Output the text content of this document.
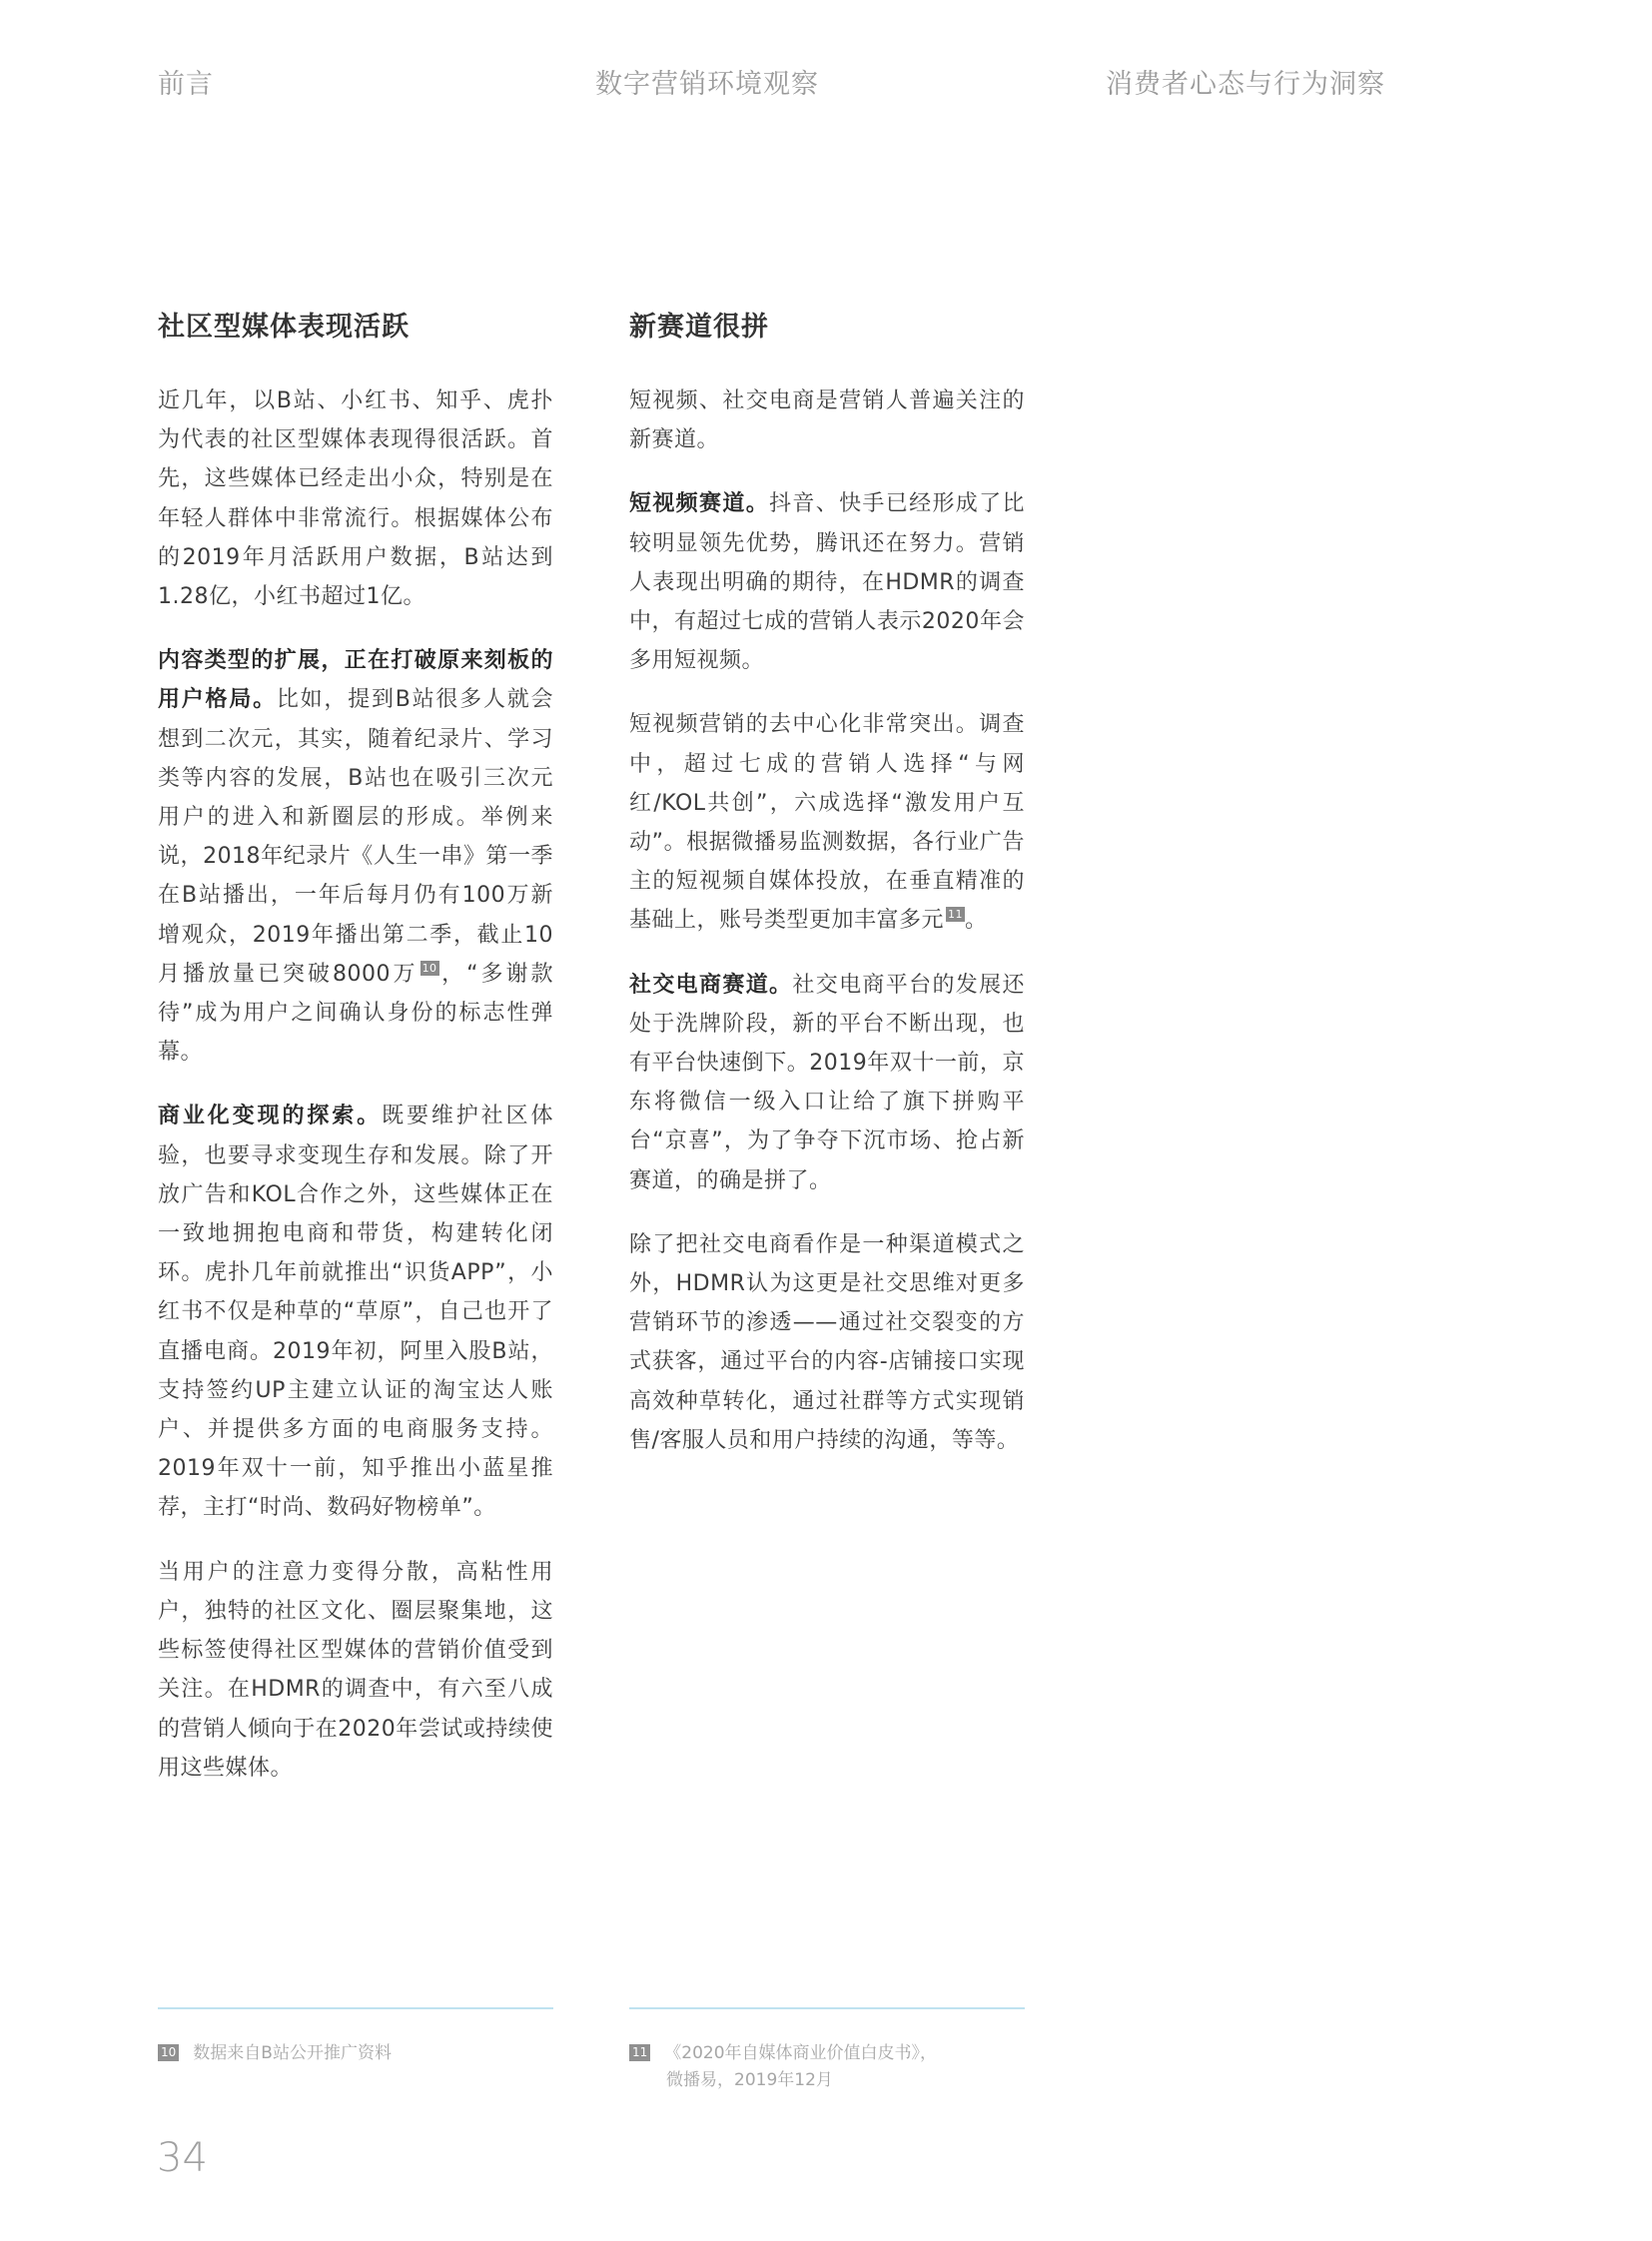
前言	数字营销环境观察	消费者心态与行为洞察
社区型媒体表现活跃

近几年，以B站、小红书、知乎、虎扑为代表的社区型媒体表现得很活跃。首先，这些媒体已经走出小众，特别是在年轻人群体中非常流行。根据媒体公布的2019年月活跃用户数据，B站达到1.28亿，小红书超过1亿。

内容类型的扩展，正在打破原来刻板的用户格局。比如，提到B站很多人就会想到二次元，其实，随着纪录片、学习类等内容的发展，B站也在吸引三次元用户的进入和新圈层的形成。举例来说，2018年纪录片《人生一串》第一季在B站播出，一年后每月仍有100万新增观众，2019年播出第二季，截止10月播放量已突破8000万 10，“多谢款待”成为用户之间确认身份的标志性弹幕。

商业化变现的探索。既要维护社区体验，也要寻求变现生存和发展。除了开放广告和KOL合作之外，这些媒体正在一致地拥抱电商和带货，构建转化闭环。虎扑几年前就推出“识货APP”，小红书不仅是种草的“草原”，自己也开了直播电商。2019年初，阿里入股B站，支持签约UP主建立认证的淘宝达人账户、并提供多方面的电商服务支持。2019年双十一前，知乎推出小蓝星推荐，主打“时尚、数码好物榜单”。

当用户的注意力变得分散，高粘性用户，独特的社区文化、圈层聚集地，这些标签使得社区型媒体的营销价值受到关注。在HDMR的调查中，有六至八成的营销人倾向于在2020年尝试或持续使用这些媒体。

新赛道很拼

短视频、社交电商是营销人普遍关注的新赛道。

短视频赛道。抖音、快手已经形成了比较明显领先优势，腾讯还在努力。营销人表现出明确的期待，在HDMR的调查中，有超过七成的营销人表示2020年会多用短视频。

短视频营销的去中心化非常突出。调查中，超过七成的营销人选择“与网红/KOL共创”，六成选择“激发用户互动”。根据微播易监测数据，各行业广告主的短视频自媒体投放，在垂直精准的基础上，账号类型更加丰富多元 11。

社交电商赛道。社交电商平台的发展还处于洗牌阶段，新的平台不断出现，也有平台快速倒下。2019年双十一前，京东将微信一级入口让给了旗下拼购平台“京喜”，为了争夺下沉市场、抢占新赛道，的确是拼了。

除了把社交电商看作是一种渠道模式之外，HDMR认为这更是社交思维对更多营销环节的渗透——通过社交裂变的方式获客，通过平台的内容-店铺接口实现高效种草转化，通过社群等方式实现销售/客服人员和用户持续的沟通，等等。

10 数据来自B站公开推广资料	11 《2020年自媒体商业价值白皮书》，
微播易，2019年12月
34
